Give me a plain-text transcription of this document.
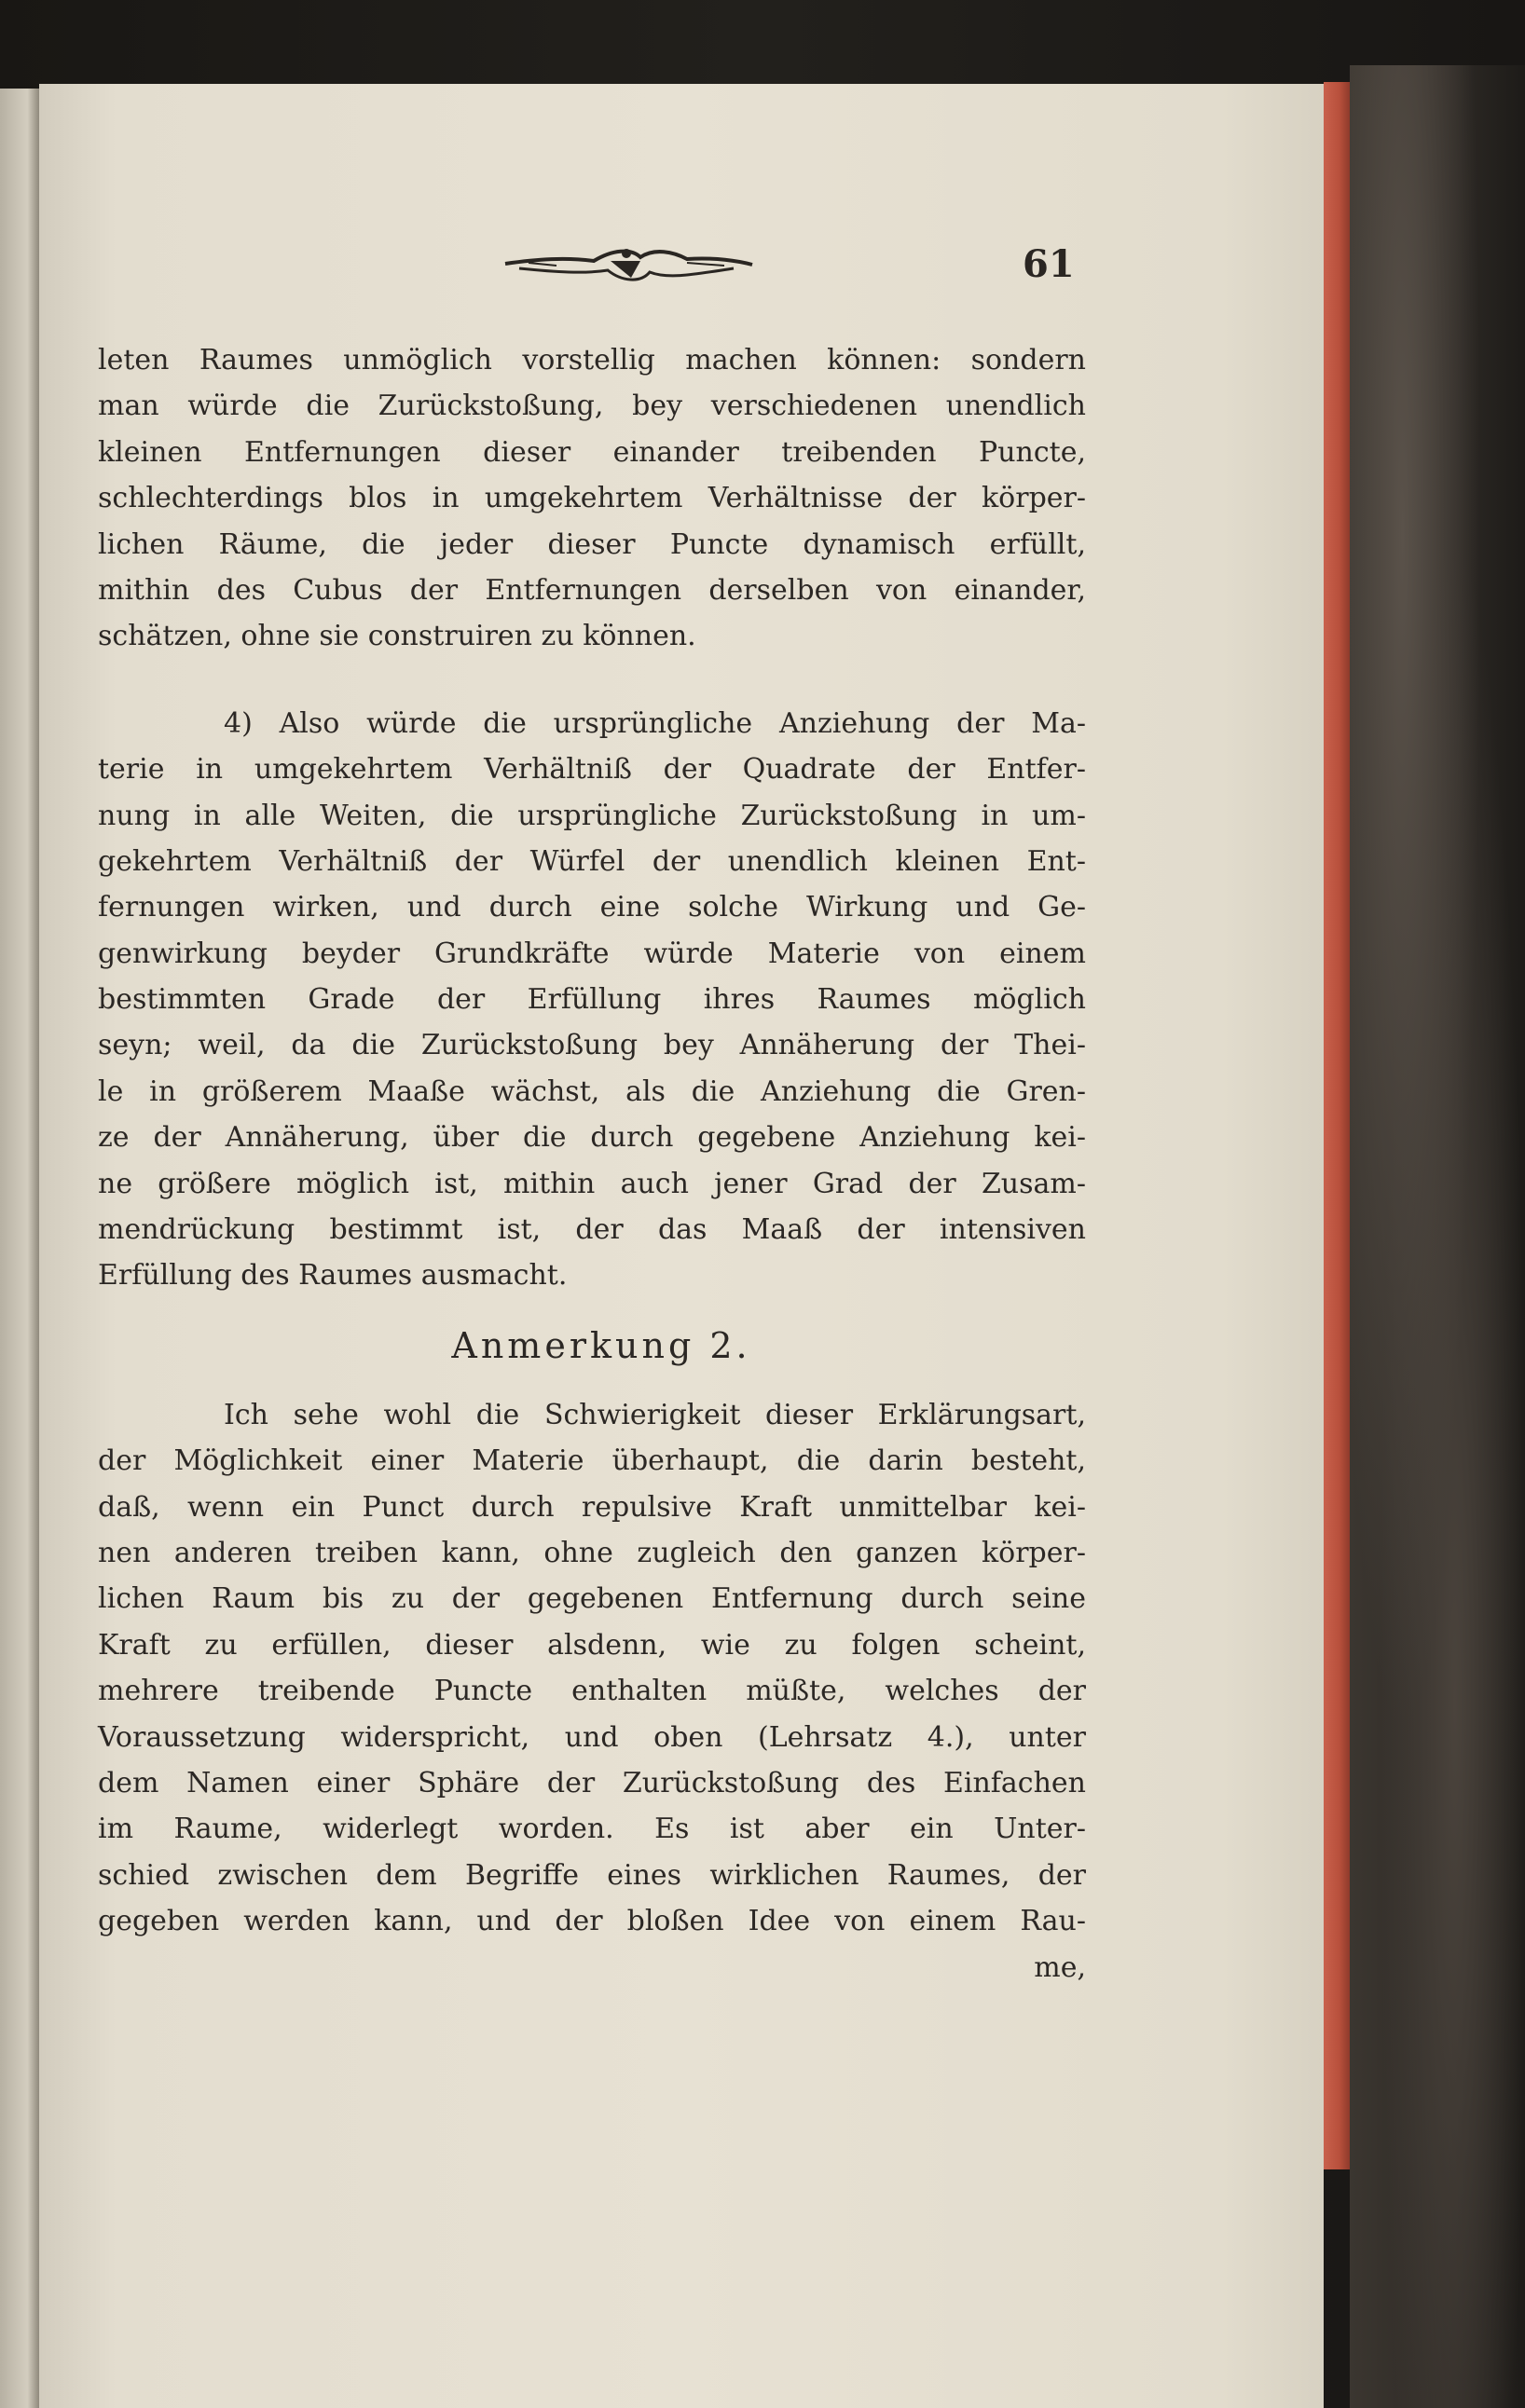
61
leten Raumes unmöglich vorstellig machen können: sondern
man würde die Zurückstoßung, bey verschiedenen unendlich
kleinen Entfernungen dieser einander treibenden Puncte,
schlechterdings blos in umgekehrtem Verhältnisse der körper-
lichen Räume, die jeder dieser Puncte dynamisch erfüllt,
mithin des Cubus der Entfernungen derselben von einander,
schätzen, ohne sie construiren zu können.
4) Also würde die ursprüngliche Anziehung der Ma-
terie in umgekehrtem Verhältniß der Quadrate der Entfer-
nung in alle Weiten, die ursprüngliche Zurückstoßung in um-
gekehrtem Verhältniß der Würfel der unendlich kleinen Ent-
fernungen wirken, und durch eine solche Wirkung und Ge-
genwirkung beyder Grundkräfte würde Materie von einem
bestimmten Grade der Erfüllung ihres Raumes möglich
seyn; weil, da die Zurückstoßung bey Annäherung der Thei-
le in größerem Maaße wächst, als die Anziehung die Gren-
ze der Annäherung, über die durch gegebene Anziehung kei-
ne größere möglich ist, mithin auch jener Grad der Zusam-
mendrückung bestimmt ist, der das Maaß der intensiven
Erfüllung des Raumes ausmacht.
Anmerkung 2.
Ich sehe wohl die Schwierigkeit dieser Erklärungsart,
der Möglichkeit einer Materie überhaupt, die darin besteht,
daß, wenn ein Punct durch repulsive Kraft unmittelbar kei-
nen anderen treiben kann, ohne zugleich den ganzen körper-
lichen Raum bis zu der gegebenen Entfernung durch seine
Kraft zu erfüllen, dieser alsdenn, wie zu folgen scheint,
mehrere treibende Puncte enthalten müßte, welches der
Voraussetzung widerspricht, und oben (Lehrsatz 4.), unter
dem Namen einer Sphäre der Zurückstoßung des Einfachen
im Raume, widerlegt worden. Es ist aber ein Unter-
schied zwischen dem Begriffe eines wirklichen Raumes, der
gegeben werden kann, und der bloßen Idee von einem Rau-
me,
